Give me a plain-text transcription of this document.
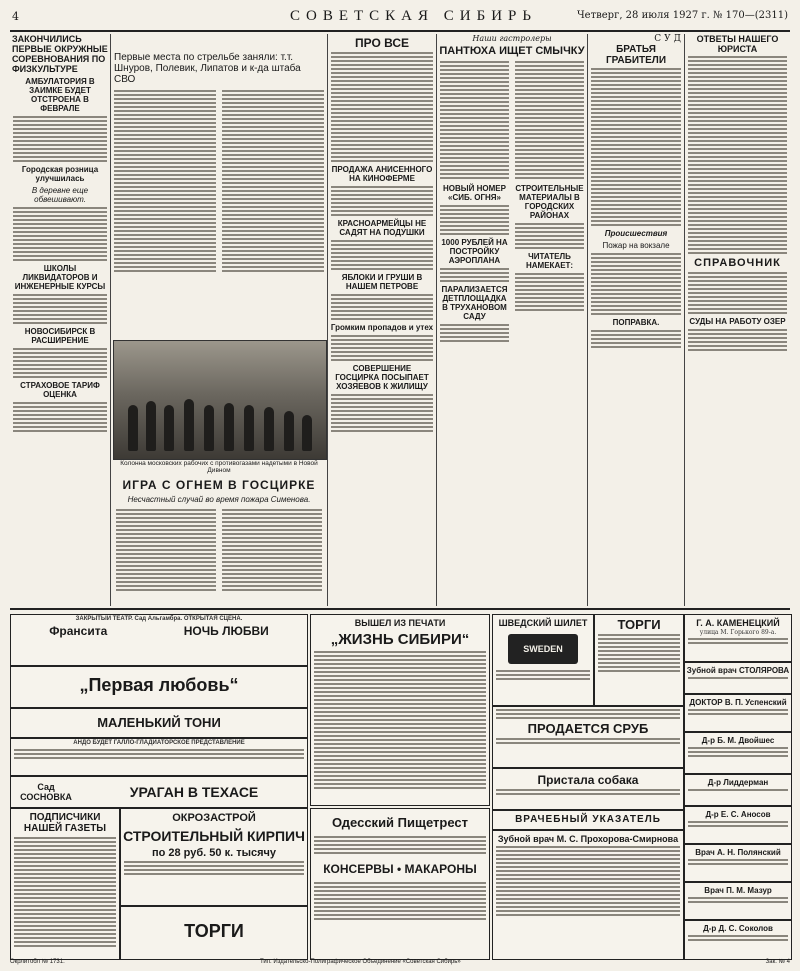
4	СОВЕТСКАЯ СИБИРЬ	Четверг, 28 июля 1927 г. № 170—(2311)
ЗАКОНЧИЛИСЬ ПЕРВЫЕ ОКРУЖНЫЕ СОРЕВНОВАНИЯ ПО ФИЗКУЛЬТУРЕ
АМБУЛАТОРИЯ В ЗАИМКЕ БУДЕТ ОТСТРОЕНА В ФЕВРАЛЕ
Городская розница улучшилась
В деревне еще обвешивают.
ШКОЛЫ ЛИКВИДАТОРОВ И ИНЖЕНЕРНЫЕ КУРСЫ
НОВОСИБИРСК В РАСШИРЕНИЕ
СТРАХОВОЕ ТАРИФ ОЦЕНКА
Первые места по стрельбе заняли: т.т. Шнуров, Полевик, Липатов и к-да штаба СВО
Колонна московских рабочих с противогазами надетыми в Новой Дивном
ИГРА С ОГНЕМ В ГОСЦИРКЕ
Несчастный случай во время пожара Сименова.
ПРО ВСЕ
ПРОДАЖА АНИСЕННОГО НА КИНОФЕРМЕ
КРАСНОАРМЕЙЦЫ НЕ САДЯТ НА ПОДУШКИ
ЯБЛОКИ И ГРУШИ В НАШЕМ ПЕТРОВЕ
Громким пропадов и утех
СОВЕРШЕНИЕ ГОСЦИРКА ПОСЫПАЕТ ХОЗЯЕВОВ К ЖИЛИЩУ
Наши гастролеры
ПАНТЮХА ИЩЕТ СМЫЧКУ
НОВЫЙ НОМЕР «СИБ. ОГНЯ»
1000 РУБЛЕЙ НА ПОСТРОЙКУ АЭРОПЛАНА
ПАРАЛИЗАЕТСЯ ДЕТПЛОЩАДКА В ТРУХАНОВОМ САДУ
СТРОИТЕЛЬНЫЕ МАТЕРИАЛЫ В ГОРОДСКИХ РАЙОНАХ
ЧИТАТЕЛЬ НАМЕКАЕТ:
СУД
БРАТЬЯ ГРАБИТЕЛИ
Происшествия
Пожар на вокзале
ПОПРАВКА.
ОТВЕТЫ НАШЕГО ЮРИСТА
СПРАВОЧНИК
СУДЫ НА РАБОТУ ОЗЕР
ЗАКРЫТЫЙ ТЕАТР. Сад Альгамбра. ОТКРЫТАЯ СЦЕНА.
Франсита	НОЧЬ ЛЮБВИ
„Первая любовь“
МАЛЕНЬКИЙ ТОНИ
АНДО БУДЕТ ГАЛЛО-ГЛАДИАТОРСКОЕ ПРЕДСТАВЛЕНИЕ
Сад СОСНОВКА	УРАГАН В ТЕХАСЕ
ПОДПИСЧИКИ НАШЕЙ ГАЗЕТЫ
ОКРОЗАСТРОЙ
СТРОИТЕЛЬНЫЙ КИРПИЧ
по 28 руб. 50 к. тысячу
ТОРГИ
ВЫШЕЛ ИЗ ПЕЧАТИ
„ЖИЗНЬ СИБИРИ“
Одесский Пищетрест
КОНСЕРВЫ • МАКАРОНЫ
ШВЕДСКИЙ ШИЛЕТ
SWEDEN
ТОРГИ
ПРОДАЕТСЯ СРУБ
Пристала собака
ВРАЧЕБНЫЙ УКАЗАТЕЛЬ
Зубной врач М. С. Прохорова-Смирнова
Г. А. КАМЕНЕЦКИЙ
улица М. Горького 89-а.
Зубной врач СТОЛЯРОВА
ДОКТОР В. П. Успенский
Д-р Б. М. Двойшес
Д-р Лиддерман
Д-р Е. С. Аносов
Врач А. Н. Полянский
Врач П. М. Мазур
Д-р Д. С. Соколов
Окрлитобл № 1731.	Тип. Издательско-Полиграфическое Объединение «Советская Сибирь»	Зак. № 4
